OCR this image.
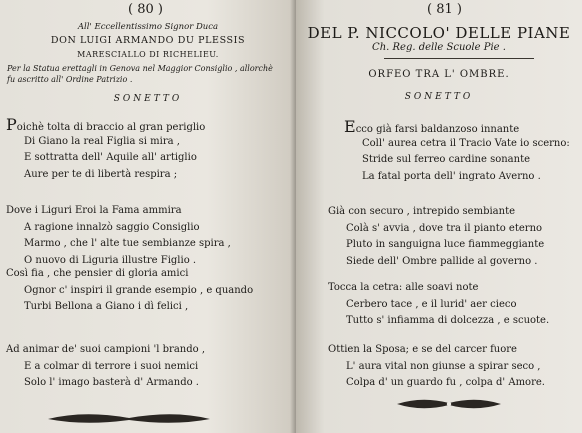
( 80 )
All' Eccellentissimo Signor Duca
DON LUIGI ARMANDO DU PLESSIS
MARESCIALLO DI RICHELIEU.
Per la Statua erettagli in Genova nel Maggior Consiglio , allorchè
fu ascritto all' Ordine Patrizio .
SONETTO
Poichè tolta di braccio al gran periglio
Di Giano la real Figlia si mira ,
E sottratta dell' Aquile all' artiglio
Aure per te di libertà respira ;
Dove i Liguri Eroi la Fama ammira
A ragione innalzò saggio Consiglio
Marmo , che l' alte tue sembianze spira ,
O nuovo di Liguria illustre Figlio .
Così fia , che pensier di gloria amici
Ognor c' inspiri il grande esempio , e quando
Turbi Bellona a Giano i dì felici ,
Ad animar de' suoi campioni 'l brando ,
E a colmar di terrore i suoi nemici
Solo l' imago basterà d' Armando .
( 81 )
DEL P. NICCOLO' DELLE PIANE
Ch. Reg. delle Scuole Pie .
ORFEO TRA L' OMBRE.
SONETTO
Ecco già farsi baldanzoso innante
Coll' aurea cetra il Tracio Vate io scerno:
Stride sul ferreo cardine sonante
La fatal porta dell' ingrato Averno .
Già con securo , intrepido sembiante
Colà s' avvia , dove tra il pianto eterno
Pluto in sanguigna luce fiammeggiante
Siede dell' Ombre pallide al governo .
Tocca la cetra: alle soavi note
Cerbero tace , e il lurid' aer cieco
Tutto s' infiamma di dolcezza , e scuote.
Ottien la Sposa; e se del carcer fuore
L' aura vital non giunse a spirar seco ,
Colpa d' un guardo fu , colpa d' Amore.
